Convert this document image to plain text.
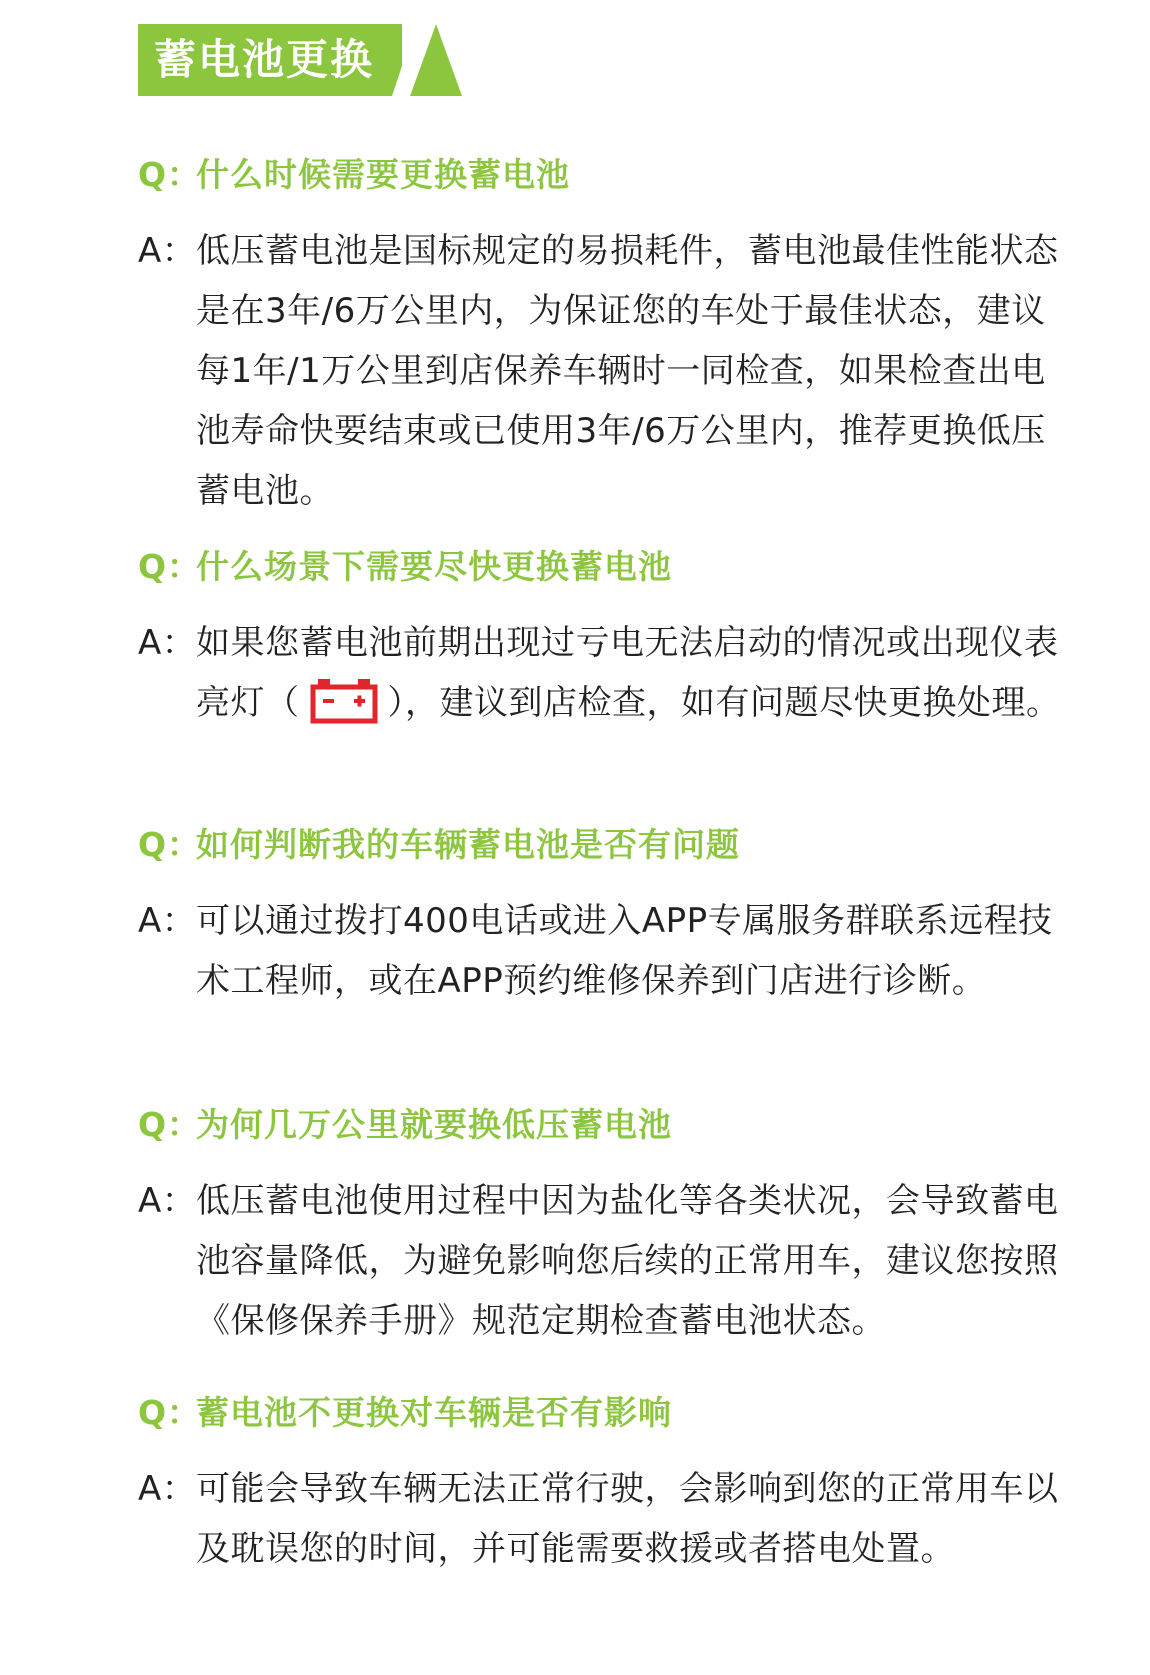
蓄电池更换
Q：什么时候需要更换蓄电池
A： 低压蓄电池是国标规定的易损耗件，蓄电池最佳性能状态是在3年/6万公里内，为保证您的车处于最佳状态，建议每1年/1万公里到店保养车辆时一同检查，如果检查出电池寿命快要结束或已使用3年/6万公里内，推荐更换低压蓄电池。
Q：什么场景下需要尽快更换蓄电池
A： 如果您蓄电池前期出现过亏电无法启动的情况或出现仪表亮灯（	），建议到店检查，如有问题尽快更换处理。
Q：如何判断我的车辆蓄电池是否有问题
A： 可以通过拨打400电话或进入APP专属服务群联系远程技术工程师，或在APP预约维修保养到门店进行诊断。
Q：为何几万公里就要换低压蓄电池
A： 低压蓄电池使用过程中因为盐化等各类状况，会导致蓄电池容量降低，为避免影响您后续的正常用车，建议您按照《保修保养手册》规范定期检查蓄电池状态。
Q：蓄电池不更换对车辆是否有影响
A： 可能会导致车辆无法正常行驶，会影响到您的正常用车以及耽误您的时间，并可能需要救援或者搭电处置。
